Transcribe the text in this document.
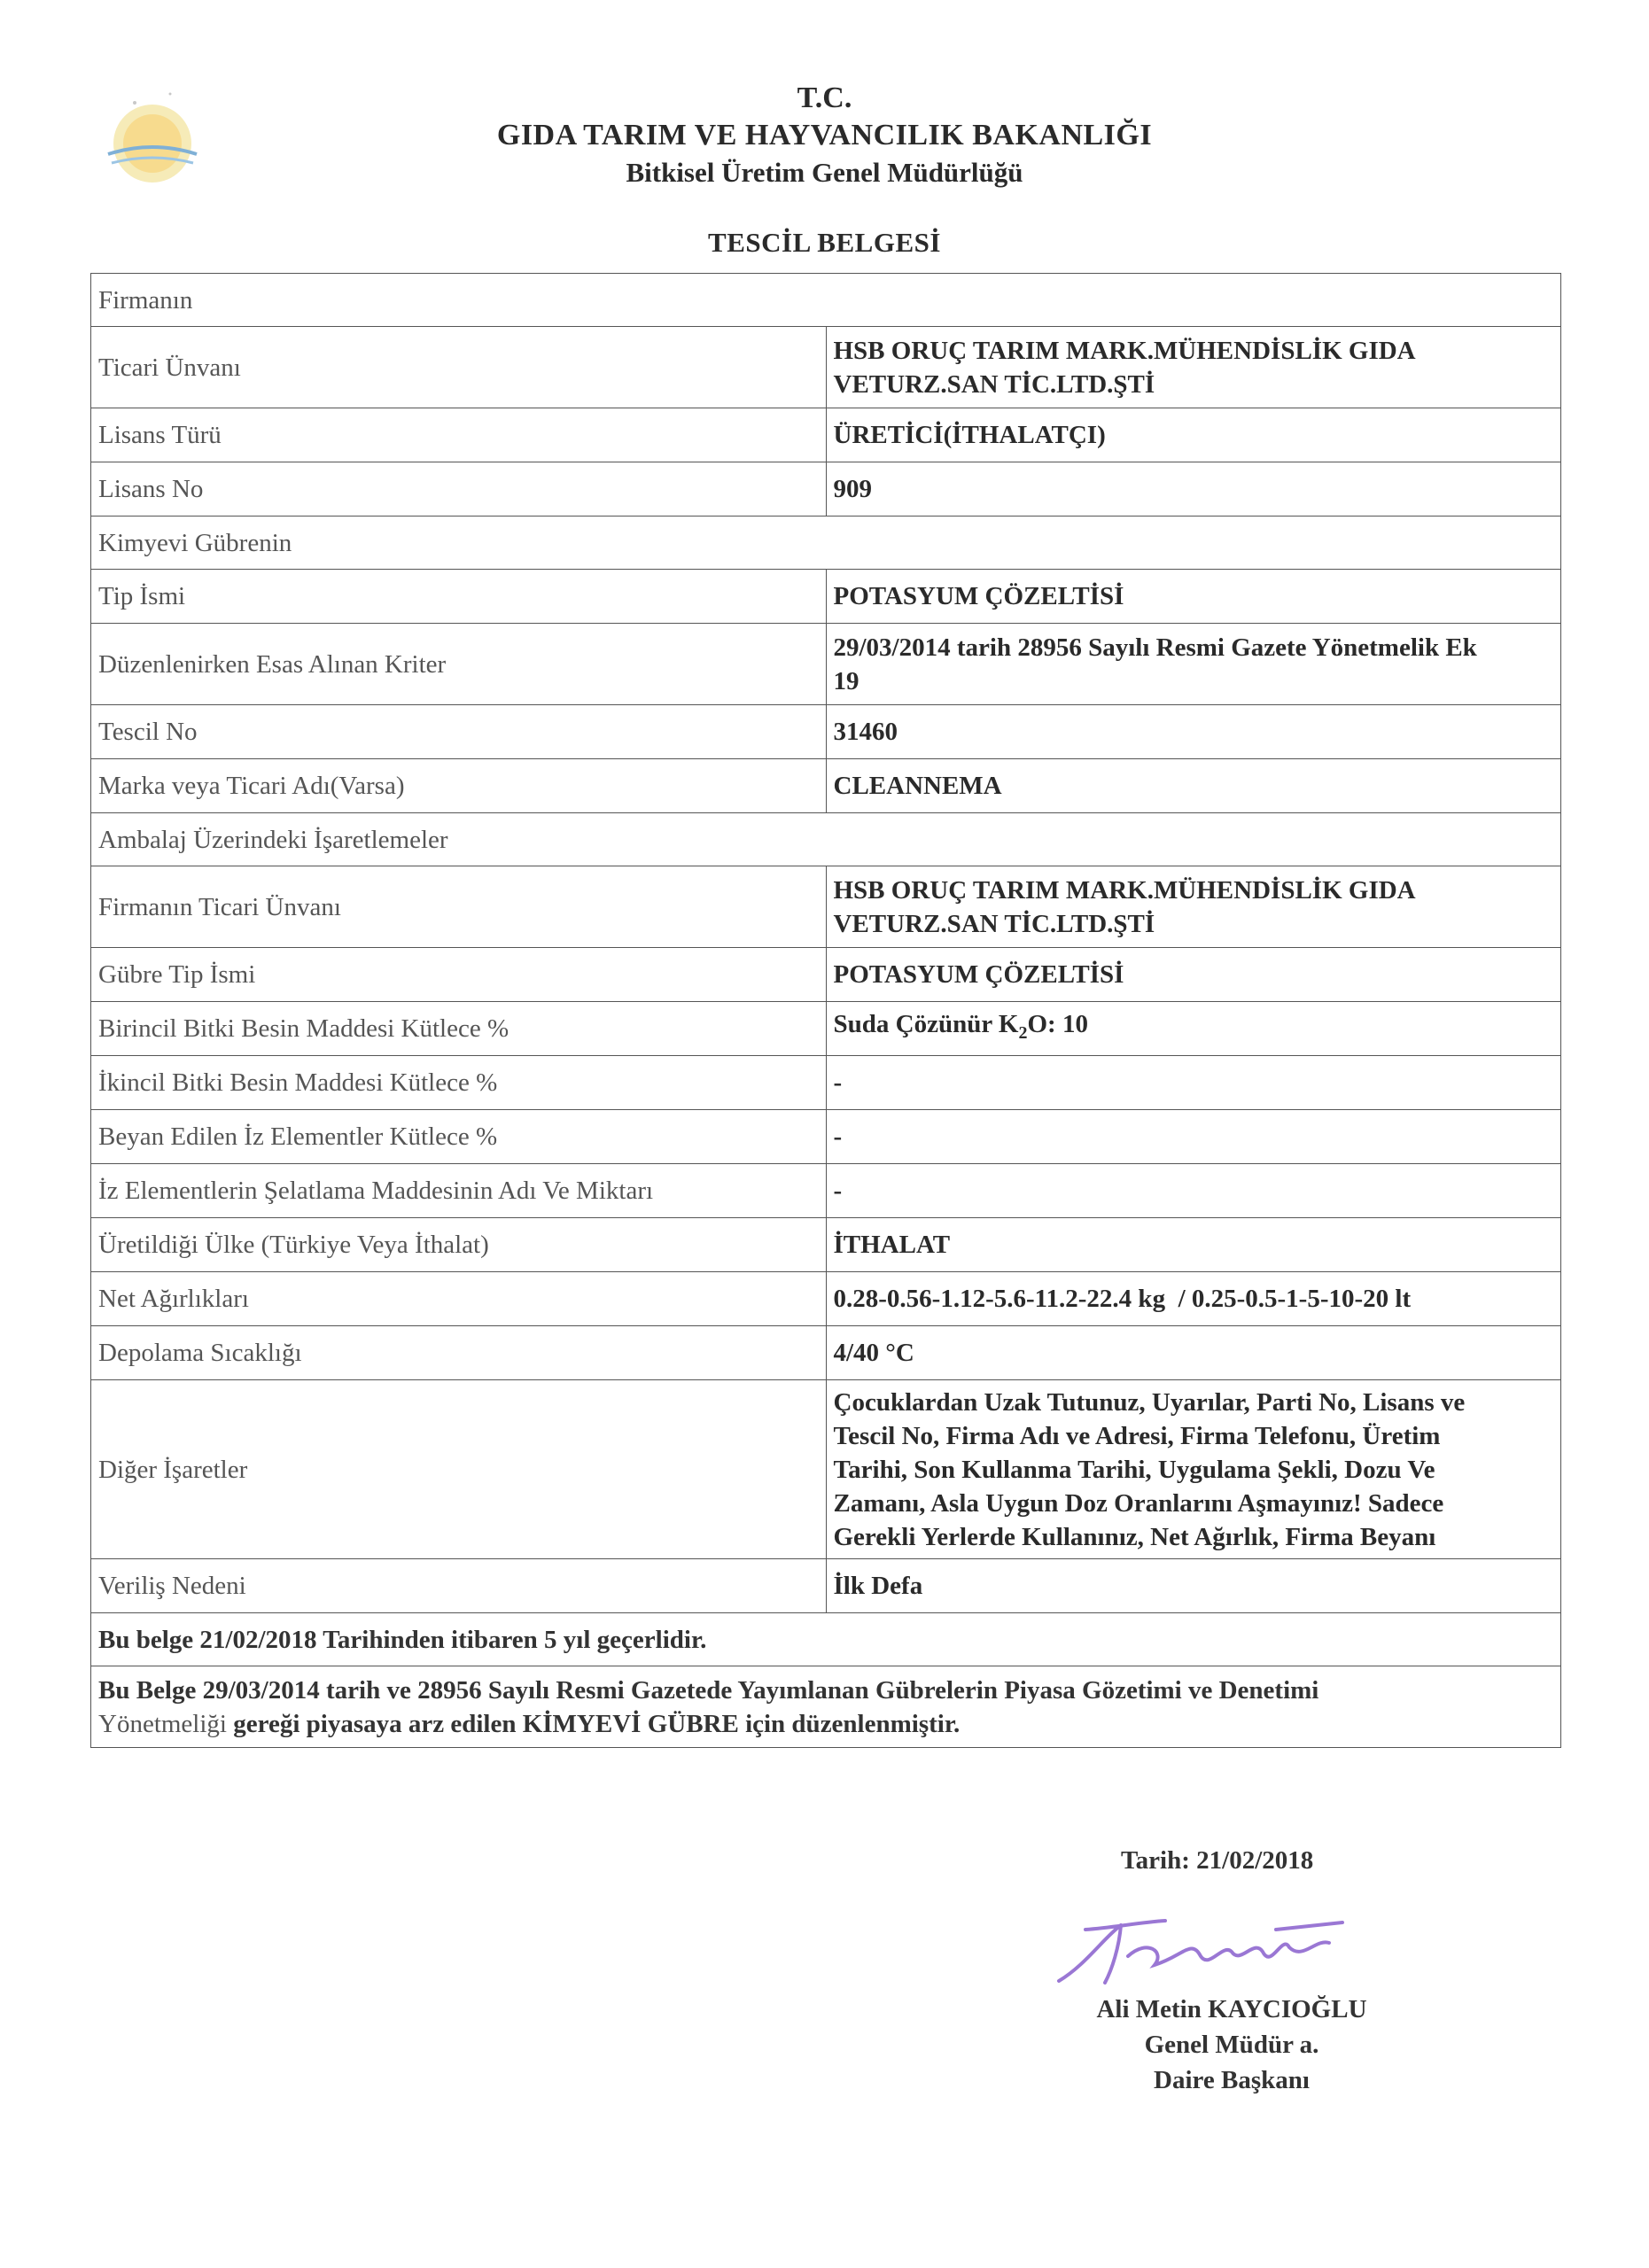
T.C.
GIDA TARIM VE HAYVANCILIK BAKANLIĞI
Bitkisel Üretim Genel Müdürlüğü
TESCİL BELGESİ
Firmanın	
Ticari Ünvanı	HSB ORUÇ TARIM MARK.MÜHENDİSLİK GIDA
VETURZ.SAN TİC.LTD.ŞTİ

Lisans Türü	ÜRETİCİ(İTHALATÇI)
Lisans No	909
Kimyevi Gübrenin	
Tip İsmi	POTASYUM ÇÖZELTİSİ
Düzenlenirken Esas Alınan Kriter	29/03/2014 tarih 28956 Sayılı Resmi Gazete Yönetmelik Ek
19

Tescil No	31460
Marka veya Ticari Adı(Varsa)	CLEANNEMA
Ambalaj Üzerindeki İşaretlemeler	
Firmanın Ticari Ünvanı	HSB ORUÇ TARIM MARK.MÜHENDİSLİK GIDA
VETURZ.SAN TİC.LTD.ŞTİ

Gübre Tip İsmi	POTASYUM ÇÖZELTİSİ
Birincil Bitki Besin Maddesi Kütlece %	Suda Çözünür $K_2O$: 10
İkincil Bitki Besin Maddesi Kütlece %	-
Beyan Edilen İz Elementler Kütlece %	-
İz Elementlerin Şelatlama Maddesinin Adı Ve Miktarı	-
Üretildiği Ülke (Türkiye Veya İthalat)	İTHALAT
Net Ağırlıkları	0.28-0.56-1.12-5.6-11.2-22.4 kg  / 0.25-0.5-1-5-10-20 lt
Depolama Sıcaklığı	4/40 °C
Diğer İşaretler	Çocuklardan Uzak Tutunuz, Uyarılar, Parti No, Lisans ve
Tescil No, Firma Adı ve Adresi, Firma Telefonu, Üretim
Tarihi, Son Kullanma Tarihi, Uygulama Şekli, Dozu Ve
Zamanı, Asla Uygun Doz Oranlarını Aşmayınız! Sadece
Gerekli Yerlerde Kullanınız, Net Ağırlık, Firma Beyanı

Veriliş Nedeni	İlk Defa
Bu belge 21/02/2018 Tarihinden itibaren 5 yıl geçerlidir.	

Bu Belge 29/03/2014 tarih ve 28956 Sayılı Resmi Gazetede Yayımlanan Gübrelerin Piyasa Gözetimi ve Denetimi
Yönetmeliği gereği piyasaya arz edilen KİMYEVİ GÜBRE için düzenlenmiştir.	
Tarih: 21/02/2018
Ali Metin KAYCIOĞLU
Genel Müdür a.
Daire Başkanı
